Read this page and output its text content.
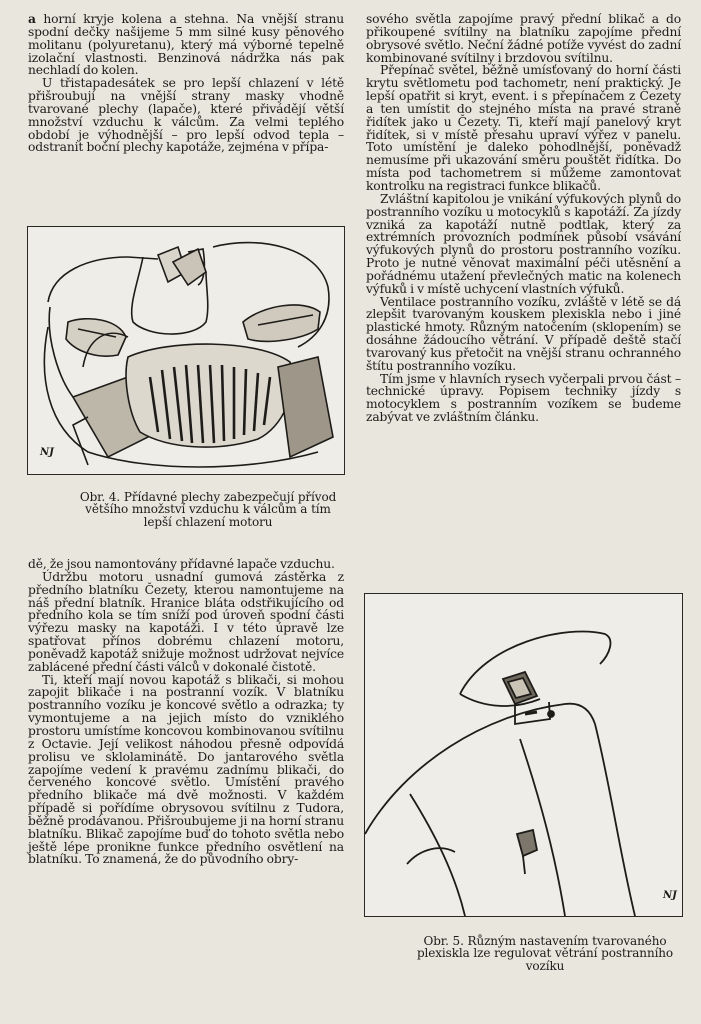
a horní kryje kolena a stehna. Na vnější stranu spodní dečky našijeme 5 mm silné kusy pěnového molitanu (polyuretanu), který má výborné tepelně izolační vlastnosti. Benzinová nádržka nás pak nechladí do kolen.

U třistapadesátek se pro lepší chlazení v létě přišroubují na vnější strany masky vhodně tvarované plechy (lapače), které přivádějí větší množství vzduchu k válcům. Za velmi teplého období je výhodnější – pro lepší odvod tepla – odstranit boční plechy kapotáže, zejména v přípa-

NJ

Obr. 4. Přídavné plechy zabezpečují přívod většího množství vzduchu k válcům a tím lepší chlazení motoru

dě, že jsou namontovány přídavné lapače vzduchu.

Údržbu motoru usnadní gumová zástěrka z předního blatníku Čezety, kterou namontujeme na náš přední blatník. Hranice bláta odstřikujícího od předního kola se tím sníží pod úroveň spodní části výřezu masky na kapotáži. I v této úpravě lze spatřovat přínos dobrému chlazení motoru, poněvadž kapotáž snižuje možnost udržovat nejvíce zablácené přední části válců v dokonalé čistotě.

Ti, kteří mají novou kapotáž s blikači, si mohou zapojit blikače i na postranní vozík. V blatníku postranního vozíku je koncové světlo a odrazka; ty vymontujeme a na jejich místo do vzniklého prostoru umístíme koncovou kombinovanou svítilnu z Octavie. Její velikost náhodou přesně odpovídá prolisu ve sklolaminátě. Do jantarového světla zapojíme vedení k pravému zadnímu blikači, do červeného koncové světlo. Umístění pravého předního blikače má dvě možnosti. V každém případě si pořídíme obrysovou svítilnu z Tudora, běžně prodávanou. Přišroubujeme ji na horní stranu blatníku. Blikač zapojíme buď do tohoto světla nebo ještě lépe pronikne funkce předního osvětlení na blatníku. To znamená, že do původního obry-

sového světla zapojíme pravý přední blikač a do přikoupené svítilny na blatníku zapojíme přední obrysové světlo. Neční žádné potíže vyvést do zadní kombinované svítilny i brzdovou svítilnu.

Přepínač světel, běžně umísťovaný do horní části krytu světlometu pod tachometr, není praktický. Je lepší opatřit si kryt, event. i s přepínačem z Čezety a ten umístit do stejného místa na pravé straně řidítek jako u Čezety. Ti, kteří mají panelový kryt řidítek, si v místě přesahu upraví výřez v panelu. Toto umístění je daleko pohodlnější, poněvadž nemusíme při ukazování směru pouštět řidítka. Do místa pod tachometrem si můžeme zamontovat kontrolku na registraci funkce blikačů.

Zvláštní kapitolou je vnikání výfukových plynů do postranního vozíku u motocyklů s kapotáží. Za jízdy vzniká za kapotáží nutně podtlak, který za extrémních provozních podmínek působí vsávání výfukových plynů do prostoru postranního vozíku. Proto je nutné věnovat maximální péči utěsnění a pořádnému utažení převlečných matic na kolenech výfuků i v místě uchycení vlastních výfuků.

Ventilace postranního vozíku, zvláště v létě se dá zlepšit tvarovaným kouskem plexiskla nebo i jiné plastické hmoty. Různým natočením (sklopením) se dosáhne žádoucího větrání. V případě deště stačí tvarovaný kus přetočit na vnější stranu ochranného štítu postranního vozíku.

Tím jsme v hlavních rysech vyčerpali prvou část – technické úpravy. Popisem techniky jízdy s motocyklem s postranním vozíkem se budeme zabývat ve zvláštním článku.

NJ

Obr. 5. Různým nastavením tvarovaného plexiskla lze regulovat větrání postranního vozíku
